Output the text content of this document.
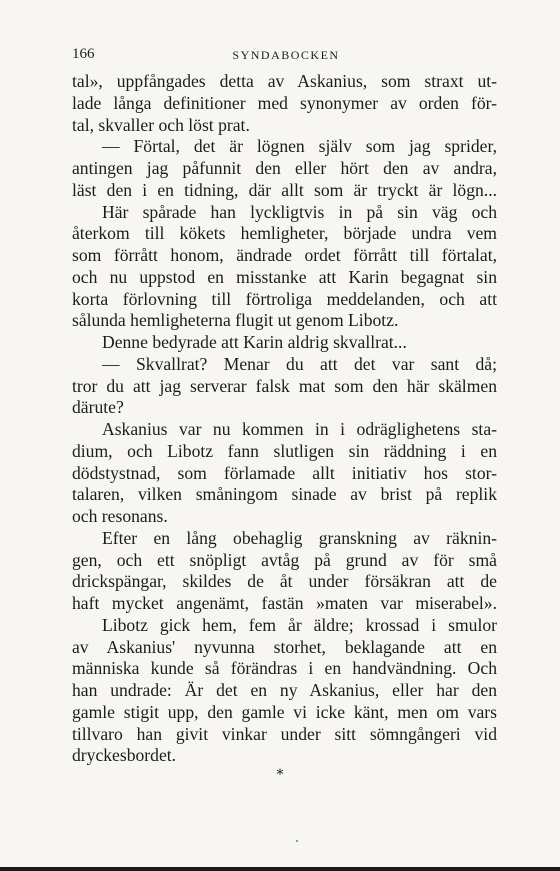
166	SYNDABOCKEN
tal», uppfångades detta av Askanius, som straxt ut-
lade långa definitioner med synonymer av orden för-
tal, skvaller och löst prat.
— Förtal, det är lögnen själv som jag sprider,
antingen jag påfunnit den eller hört den av andra,
läst den i en tidning, där allt som är tryckt är lögn...
Här spårade han lyckligtvis in på sin väg och
återkom till kökets hemligheter, började undra vem
som förrått honom, ändrade ordet förrått till förtalat,
och nu uppstod en misstanke att Karin begagnat sin
korta förlovning till förtroliga meddelanden, och att
sålunda hemligheterna flugit ut genom Libotz.
Denne bedyrade att Karin aldrig skvallrat...
— Skvallrat? Menar du att det var sant då;
tror du att jag serverar falsk mat som den här skälmen
därute?
Askanius var nu kommen in i odräglighetens sta-
dium, och Libotz fann slutligen sin räddning i en
dödstystnad, som förlamade allt initiativ hos stor-
talaren, vilken småningom sinade av brist på replik
och resonans.
Efter en lång obehaglig granskning av räknin-
gen, och ett snöpligt avtåg på grund av för små
drickspängar, skildes de åt under försäkran att de
haft mycket angenämt, fastän »maten var miserabel».
Libotz gick hem, fem år äldre; krossad i smulor
av Askanius' nyvunna storhet, beklagande att en
människa kunde så förändras i en handvändning. Och
han undrade: Är det en ny Askanius, eller har den
gamle stigit upp, den gamle vi icke känt, men om vars
tillvaro han givit vinkar under sitt sömngångeri vid
dryckesbordet.
*
